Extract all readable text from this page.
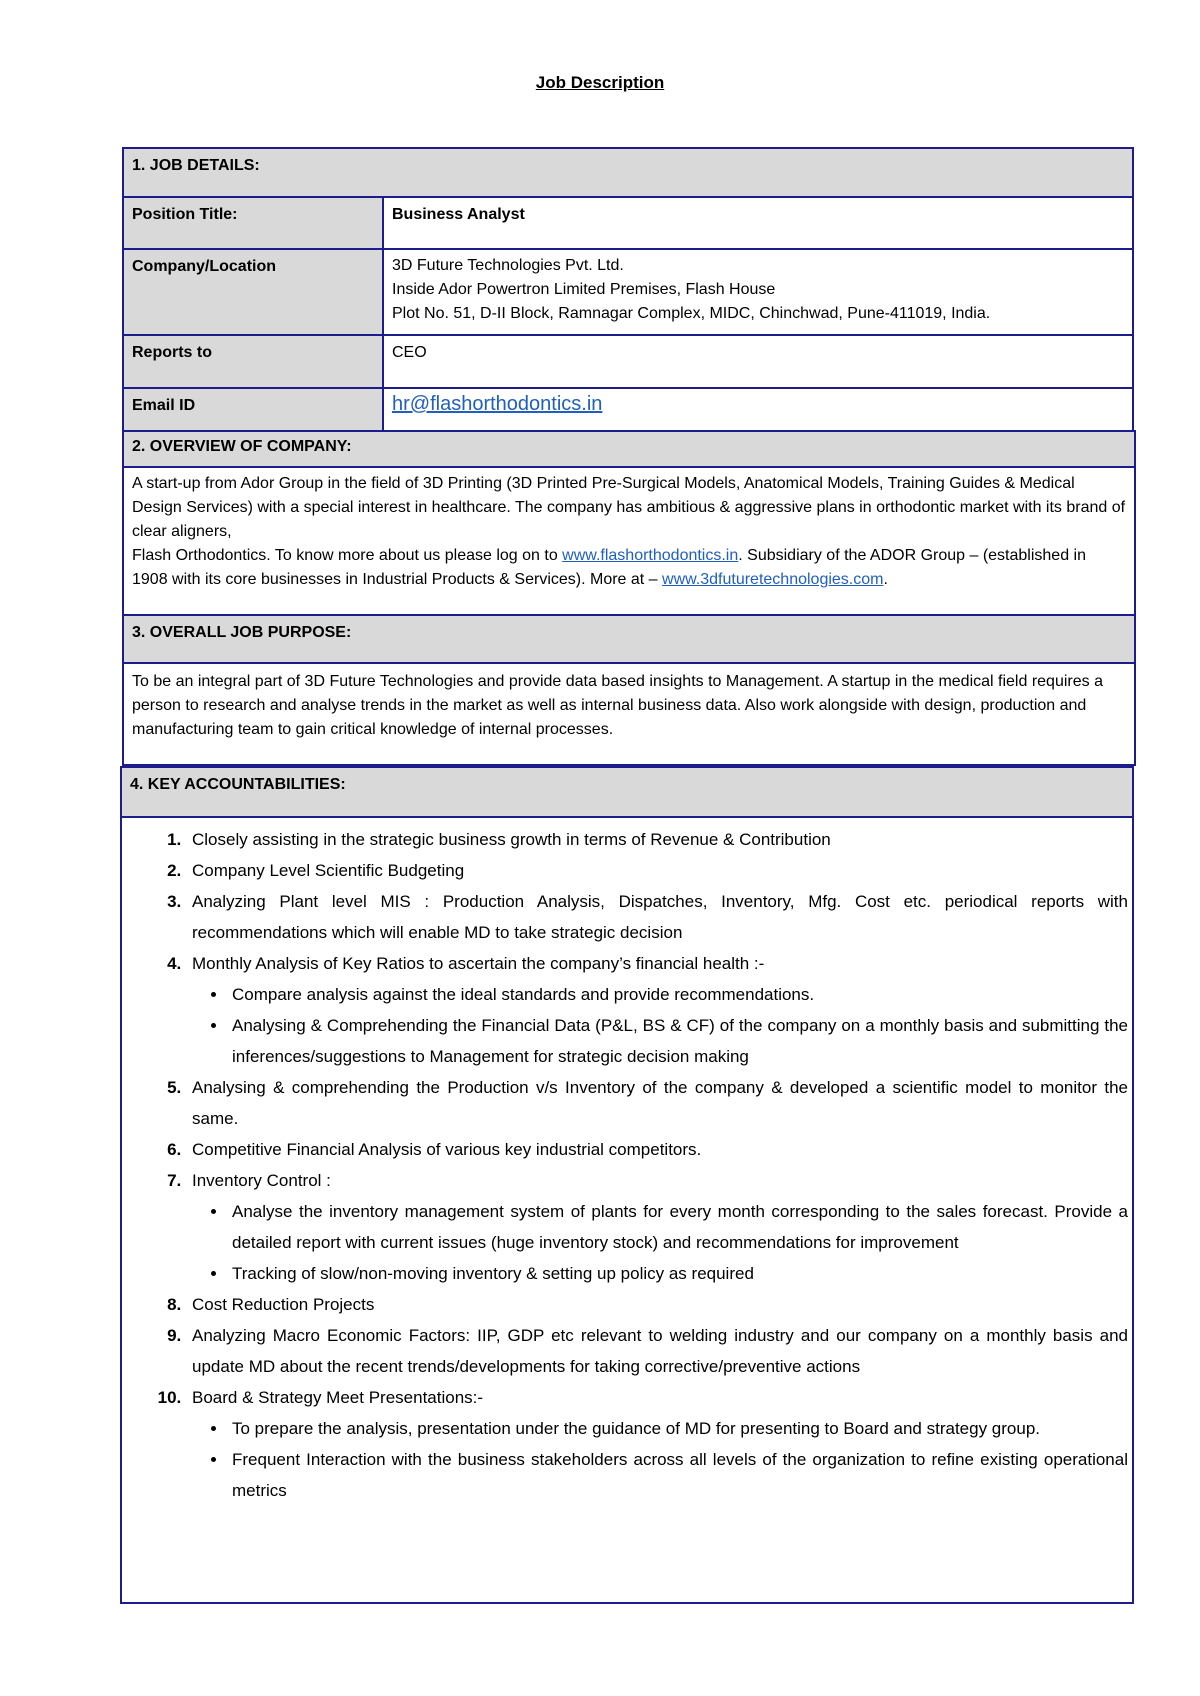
Job Description
1. JOB DETAILS:	
Position Title:	Business Analyst
Company/Location	3D Future Technologies Pvt. Ltd.
Inside Ador Powertron Limited Premises, Flash House
Plot No. 51, D-II Block, Ramnagar Complex, MIDC, Chinchwad, Pune-411019, India.

Reports to	CEO
Email ID	hr@flashorthodontics.in
2. OVERVIEW OF COMPANY:
A start-up from Ador Group in the field of 3D Printing (3D Printed Pre-Surgical Models, Anatomical Models, Training Guides & Medical Design Services) with a special interest in healthcare. The company has ambitious & aggressive plans in orthodontic market with its brand of clear aligners,
Flash Orthodontics. To know more about us please log on to www.flashorthodontics.in. Subsidiary of the ADOR Group – (established in 1908 with its core businesses in Industrial Products & Services). More at – www.3dfuturetechnologies.com.
3. OVERALL JOB PURPOSE:
To be an integral part of 3D Future Technologies and provide data based insights to Management. A startup in the medical field requires a person to research and analyse trends in the market as well as internal business data. Also work alongside with design, production and manufacturing team to gain critical knowledge of internal processes.
4. KEY ACCOUNTABILITIES:
1. Closely assisting in the strategic business growth in terms of Revenue & Contribution
2. Company Level Scientific Budgeting
3. Analyzing Plant level MIS : Production Analysis, Dispatches, Inventory, Mfg. Cost etc. periodical reports with recommendations which will enable MD to take strategic decision
4. Monthly Analysis of Key Ratios to ascertain the company’s financial health :-
• Compare analysis against the ideal standards and provide recommendations.
• Analysing & Comprehending the Financial Data (P&L, BS & CF) of the company on a monthly basis and submitting the inferences/suggestions to Management for strategic decision making
5. Analysing & comprehending the Production v/s Inventory of the company & developed a scientific model to monitor the same.
6. Competitive Financial Analysis of various key industrial competitors.
7. Inventory Control :
• Analyse the inventory management system of plants for every month corresponding to the sales forecast. Provide a detailed report with current issues (huge inventory stock) and recommendations for improvement
• Tracking of slow/non-moving inventory & setting up policy as required
8. Cost Reduction Projects
9. Analyzing Macro Economic Factors: IIP, GDP etc relevant to welding industry and our company on a monthly basis and update MD about the recent trends/developments for taking corrective/preventive actions
10. Board & Strategy Meet Presentations:-
• To prepare the analysis, presentation under the guidance of MD for presenting to Board and strategy group.
• Frequent Interaction with the business stakeholders across all levels of the organization to refine existing operational metrics
